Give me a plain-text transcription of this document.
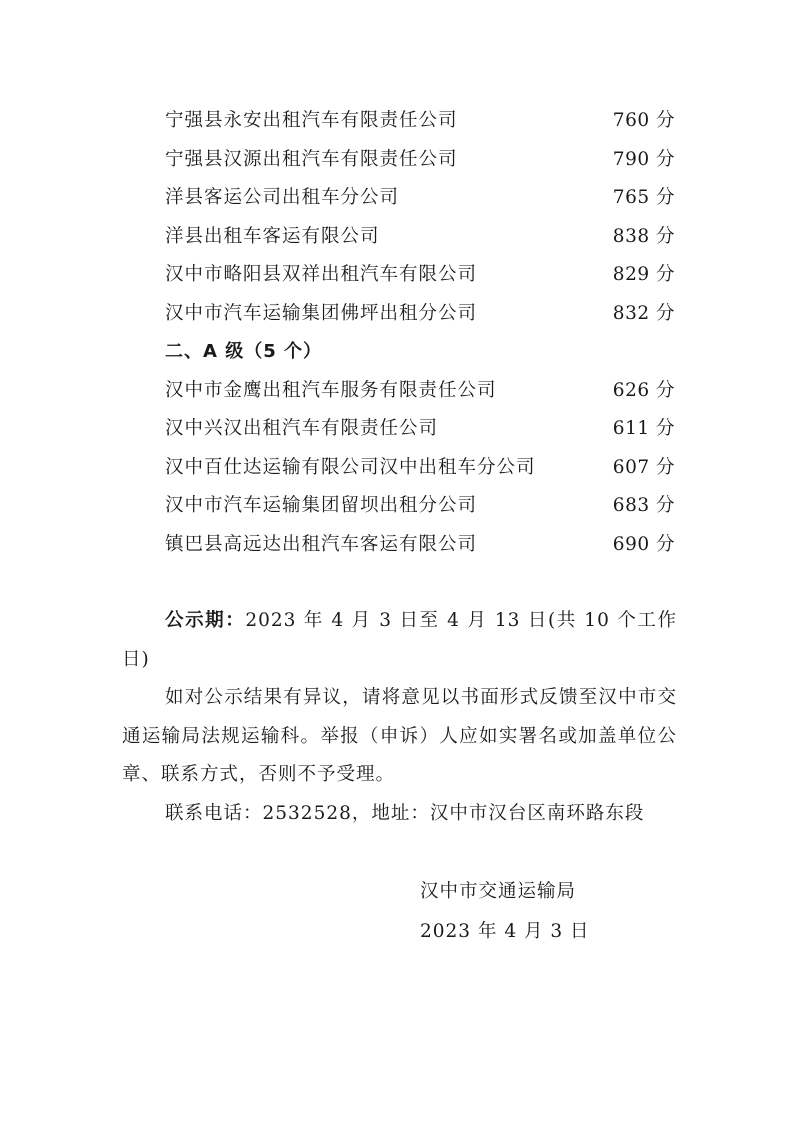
宁强县永安出租汽车有限责任公司	760 分
宁强县汉源出租汽车有限责任公司	790 分
洋县客运公司出租车分公司	765 分
洋县出租车客运有限公司	838 分
汉中市略阳县双祥出租汽车有限公司	829 分
汉中市汽车运输集团佛坪出租分公司	832 分
二、A 级（5 个）
汉中市金鹰出租汽车服务有限责任公司	626 分
汉中兴汉出租汽车有限责任公司	611 分
汉中百仕达运输有限公司汉中出租车分公司	607 分
汉中市汽车运输集团留坝出租分公司	683 分
镇巴县高远达出租汽车客运有限公司	690 分

公示期：2023 年 4 月 3 日至 4 月 13 日(共 10 个工作日)

如对公示结果有异议，请将意见以书面形式反馈至汉中市交通运输局法规运输科。举报（申诉）人应如实署名或加盖单位公章、联系方式，否则不予受理。

联系电话：2532528，地址：汉中市汉台区南环路东段

汉中市交通运输局
2023 年 4 月 3 日
